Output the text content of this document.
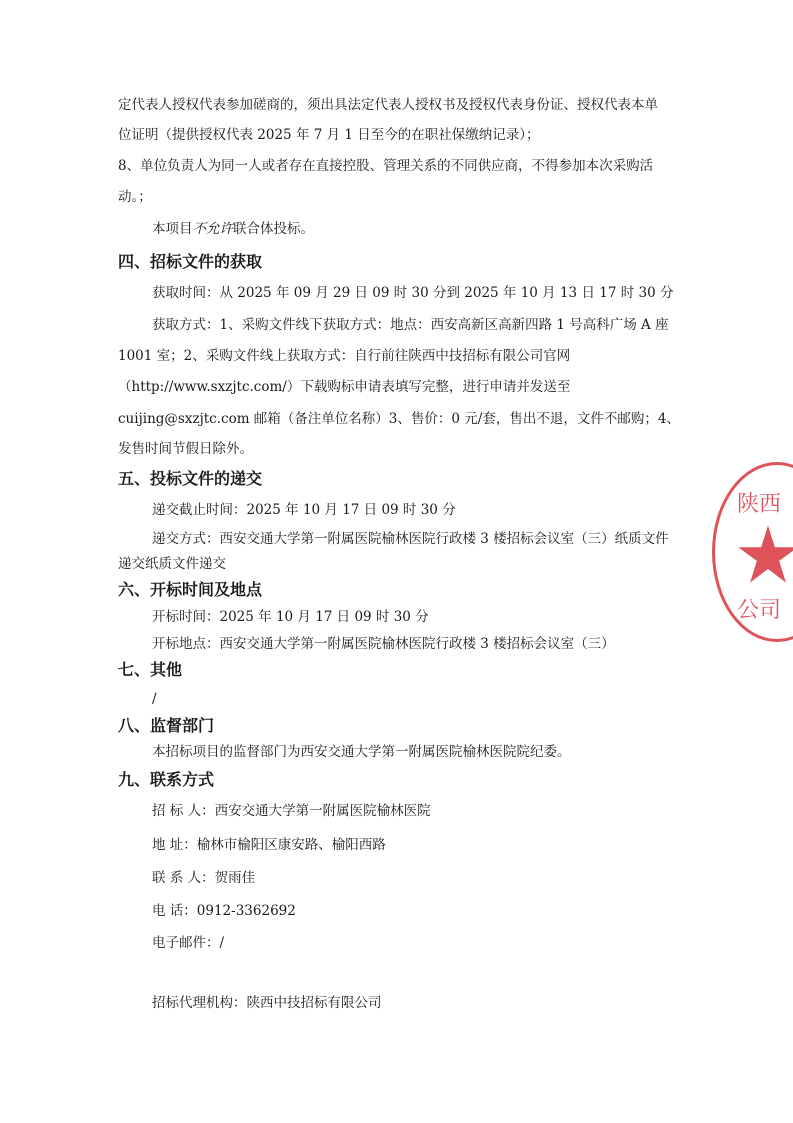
定代表人授权代表参加磋商的，须出具法定代表人授权书及授权代表身份证、授权代表本单
位证明（提供授权代表 2025 年 7 月 1 日至今的在职社保缴纳记录）；
8、单位负责人为同一人或者存在直接控股、管理关系的不同供应商，不得参加本次采购活
动。；
本项目不允许联合体投标。
四、招标文件的获取
获取时间：从 2025 年 09 月 29 日 09 时 30 分到 2025 年 10 月 13 日 17 时 30 分
获取方式：1、采购文件线下获取方式：地点：西安高新区高新四路 1 号高科广场 A 座
1001 室；2、采购文件线上获取方式：自行前往陕西中技招标有限公司官网
（http://www.sxzjtc.com/）下载购标申请表填写完整，进行申请并发送至
cuijing@sxzjtc.com 邮箱（备注单位名称）3、售价：0 元/套，售出不退，文件不邮购；4、
发售时间节假日除外。
五、投标文件的递交
递交截止时间：2025 年 10 月 17 日 09 时 30 分
递交方式：西安交通大学第一附属医院榆林医院行政楼 3 楼招标会议室（三）纸质文件
递交纸质文件递交
六、开标时间及地点
开标时间：2025 年 10 月 17 日 09 时 30 分
开标地点：西安交通大学第一附属医院榆林医院行政楼 3 楼招标会议室（三）
七、其他
/
八、监督部门
本招标项目的监督部门为西安交通大学第一附属医院榆林医院院纪委。
九、联系方式
招 标 人：西安交通大学第一附属医院榆林医院
地 址：榆林市榆阳区康安路、榆阳西路
联 系 人：贺雨佳
电 话：0912-3362692
电子邮件：/
招标代理机构：陕西中技招标有限公司
陕西
公司
